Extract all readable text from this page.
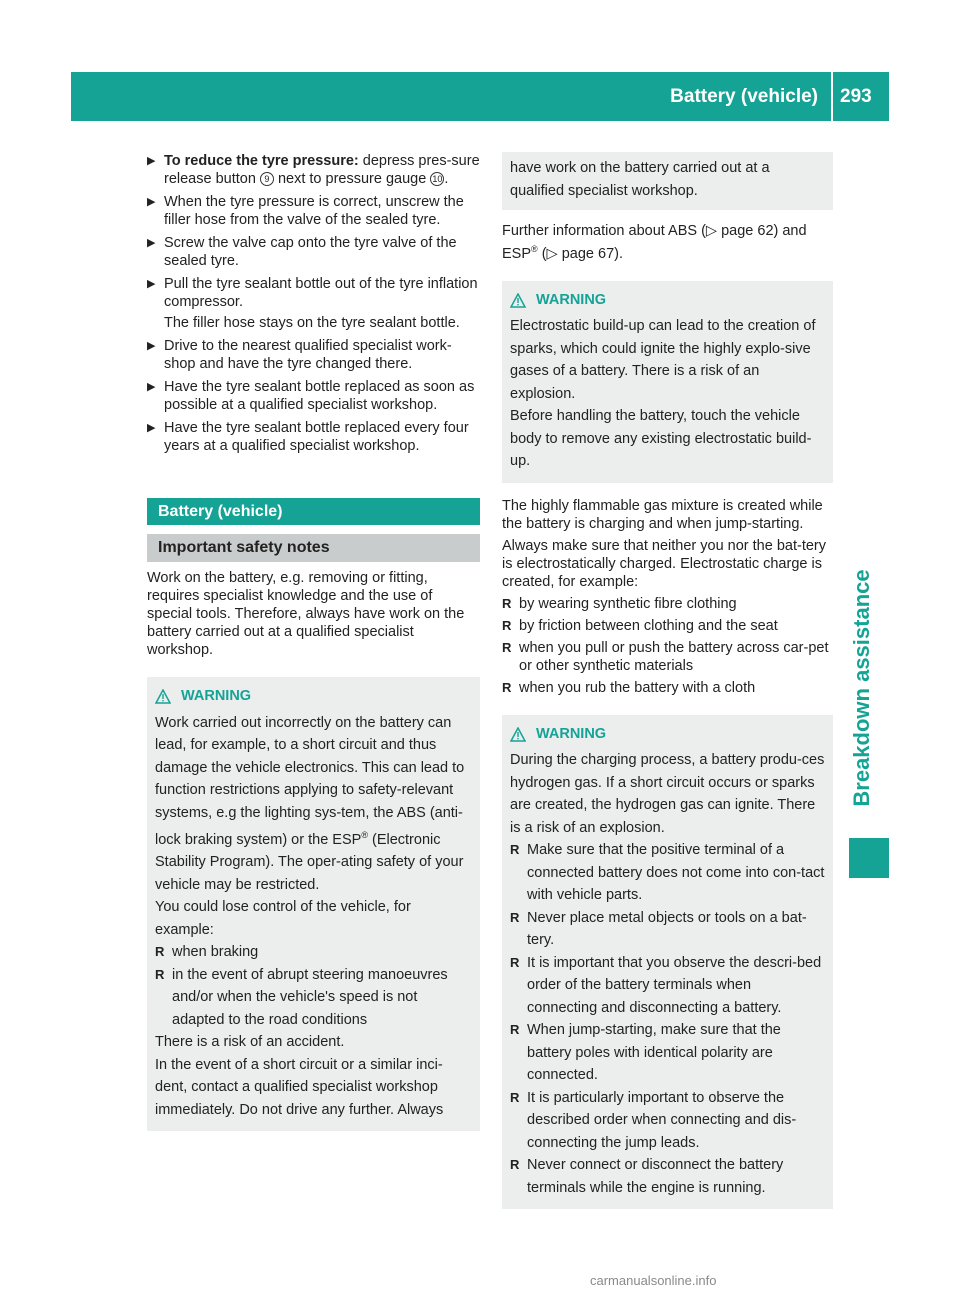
Battery (vehicle) 293
Breakdown assistance
▶ To reduce the tyre pressure: depress pres-sure release button 9 next to pressure gauge 10 .
▶ When the tyre pressure is correct, unscrew the filler hose from the valve of the sealed tyre.
▶ Screw the valve cap onto the tyre valve of the sealed tyre.
▶ Pull the tyre sealant bottle out of the tyre inflation compressor.
The filler hose stays on the tyre sealant bottle.
▶ Drive to the nearest qualified specialist work-shop and have the tyre changed there.
▶ Have the tyre sealant bottle replaced as soon as possible at a qualified specialist workshop.
▶ Have the tyre sealant bottle replaced every four years at a qualified specialist workshop.
Battery (vehicle)
Important safety notes
Work on the battery, e.g. removing or fitting, requires specialist knowledge and the use of special tools. Therefore, always have work on the battery carried out at a qualified specialist workshop.
WARNING

Work carried out incorrectly on the battery can lead, for example, to a short circuit and thus damage the vehicle electronics. This can lead to function restrictions applying to safety-relevant systems, e.g the lighting sys-tem, the ABS (anti-lock braking system) or the ESP® (Electronic Stability Program). The oper-ating safety of your vehicle may be restricted.

You could lose control of the vehicle, for example:

R when braking
R in the event of abrupt steering manoeuvres and/or when the vehicle's speed is not adapted to the road conditions

There is a risk of an accident.

In the event of a short circuit or a similar inci-dent, contact a qualified specialist workshop immediately. Do not drive any further. Always

have work on the battery carried out at a qualified specialist workshop.
Further information about ABS (▷ page 62) and ESP® (▷ page 67).
WARNING

Electrostatic build-up can lead to the creation of sparks, which could ignite the highly explo-sive gases of a battery. There is a risk of an explosion.

Before handling the battery, touch the vehicle body to remove any existing electrostatic build-up.

The highly flammable gas mixture is created while the battery is charging and when jump-starting.
Always make sure that neither you nor the bat-tery is electrostatically charged. Electrostatic charge is created, for example:
R by wearing synthetic fibre clothing
R by friction between clothing and the seat
R when you pull or push the battery across car-pet or other synthetic materials
R when you rub the battery with a cloth
WARNING

During the charging process, a battery produ-ces hydrogen gas. If a short circuit occurs or sparks are created, the hydrogen gas can ignite. There is a risk of an explosion.

R Make sure that the positive terminal of a connected battery does not come into con-tact with vehicle parts.
R Never place metal objects or tools on a bat-tery.
R It is important that you observe the descri-bed order of the battery terminals when connecting and disconnecting a battery.
R When jump-starting, make sure that the battery poles with identical polarity are connected.
R It is particularly important to observe the described order when connecting and dis-connecting the jump leads.
R Never connect or disconnect the battery terminals while the engine is running.
carmanualsonline.info
